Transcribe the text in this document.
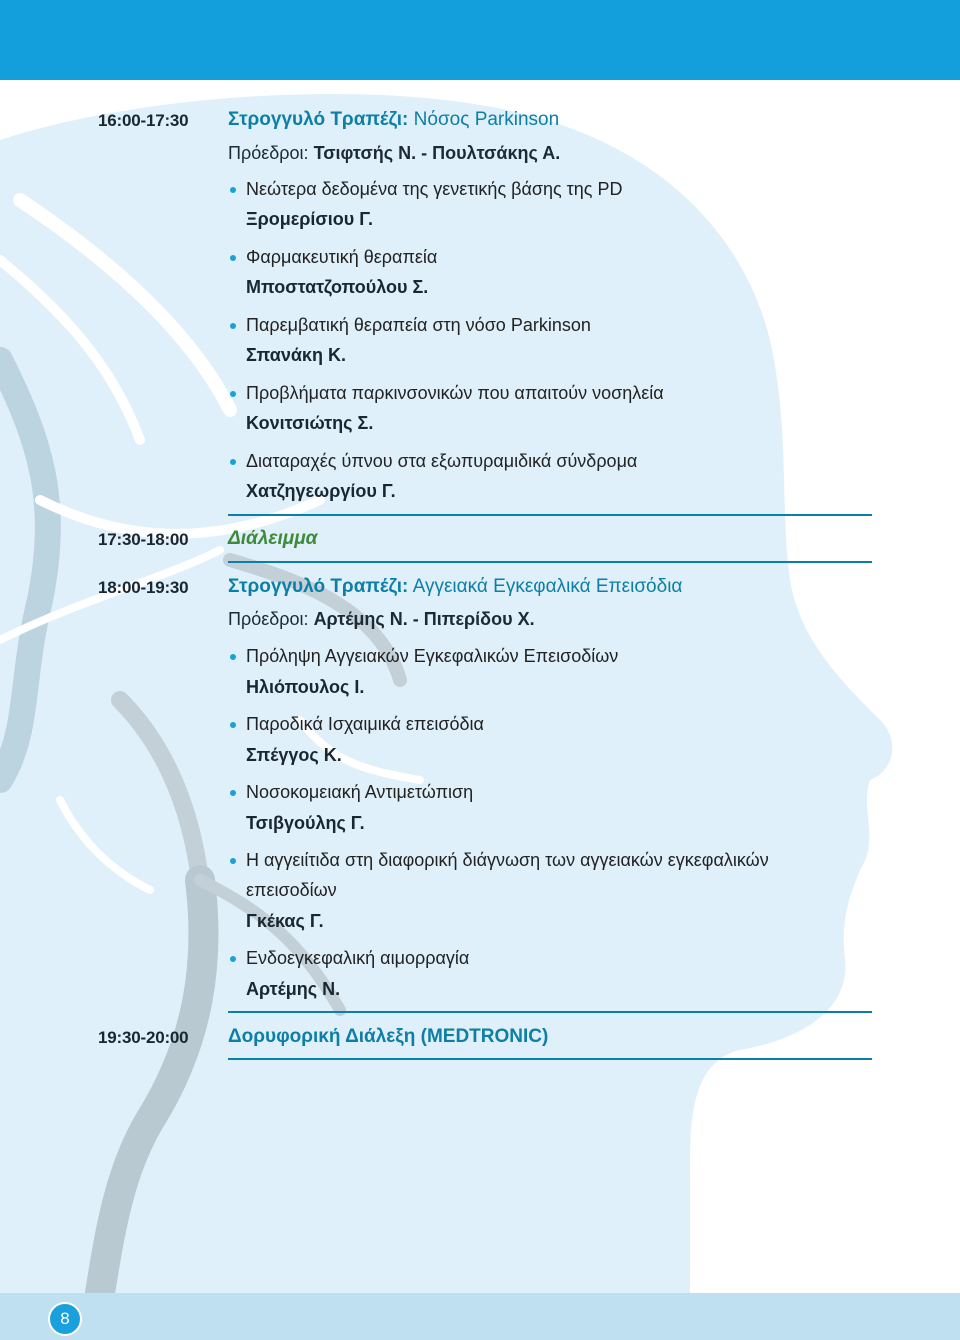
16:00-17:30 Στρογγυλό Τραπέζι: Νόσος Parkinson
Πρόεδροι: Τσιφτσής Ν. - Πουλτσάκης Α.
Νεώτερα δεδομένα της γενετικής βάσης της PD
Ξρομερίσιου Γ.
Φαρμακευτική θεραπεία
Μποστατζοπούλου Σ.
Παρεμβατική θεραπεία στη νόσο Parkinson
Σπανάκη Κ.
Προβλήματα παρκινσονικών που απαιτούν νοσηλεία
Κονιτσιώτης Σ.
Διαταραχές ύπνου στα εξωπυραμιδικά σύνδρομα
Χατζηγεωργίου Γ.
17:30-18:00 Διάλειμμα
18:00-19:30 Στρογγυλό Τραπέζι: Αγγειακά Εγκεφαλικά Επεισόδια
Πρόεδροι: Αρτέμης Ν. - Πιπερίδου Χ.
Πρόληψη Αγγειακών Εγκεφαλικών Επεισοδίων
Ηλιόπουλος Ι.
Παροδικά Ισχαιμικά επεισόδια
Σπέγγος Κ.
Νοσοκομειακή Αντιμετώπιση
Τσιβγούλης Γ.
Η αγγειίτιδα στη διαφορική διάγνωση των αγγειακών εγκεφαλικών
επεισοδίων
Γκέκας Γ.
Ενδοεγκεφαλική αιμορραγία
Αρτέμης Ν.
19:30-20:00 Δορυφορική Διάλεξη (MEDTRONIC)
8
